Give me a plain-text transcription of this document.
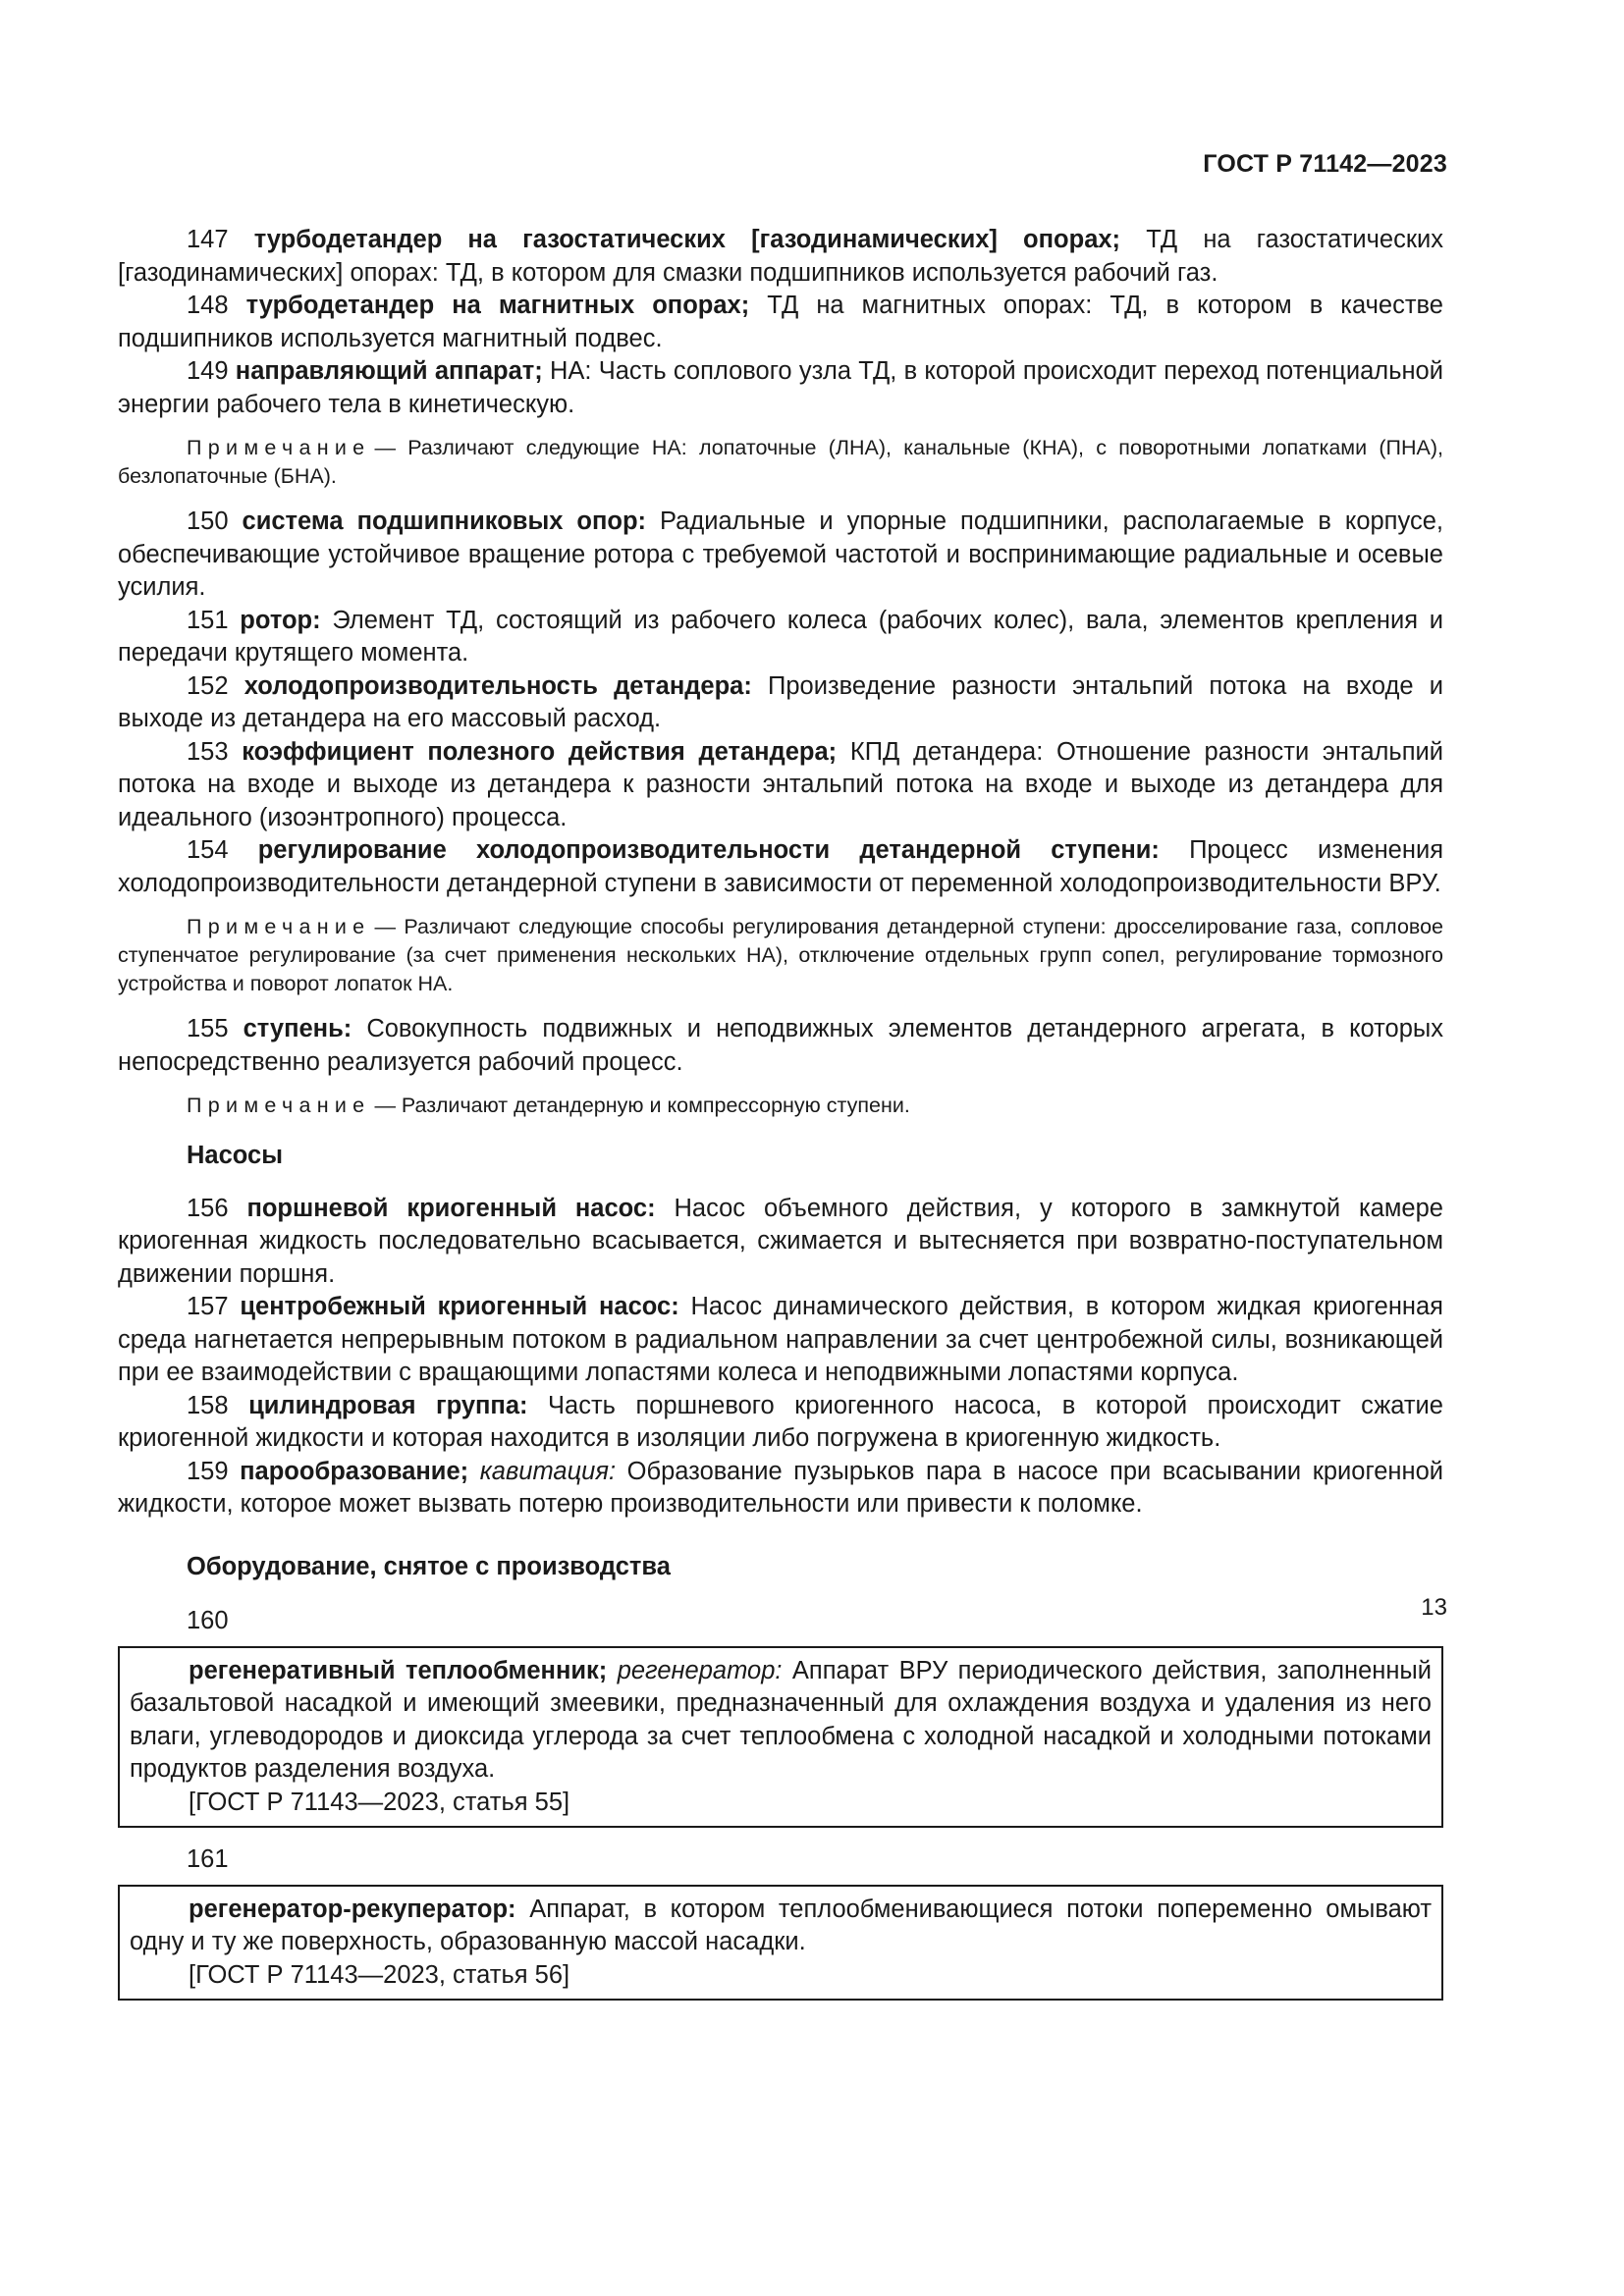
ГОСТ Р 71142—2023

147 турбодетандер на газостатических [газодинамических] опорах; ТД на газостатических [газодинамических] опорах: ТД, в котором для смазки подшипников используется рабочий газ.

148 турбодетандер на магнитных опорах; ТД на магнитных опорах: ТД, в котором в качестве подшипников используется магнитный подвес.

149 направляющий аппарат; НА: Часть соплового узла ТД, в которой происходит переход потенциальной энергии рабочего тела в кинетическую.

Примечание — Различают следующие НА: лопаточные (ЛНА), канальные (КНА), с поворотными лопатками (ПНА), безлопаточные (БНА).

150 система подшипниковых опор: Радиальные и упорные подшипники, располагаемые в корпусе, обеспечивающие устойчивое вращение ротора с требуемой частотой и воспринимающие радиальные и осевые усилия.

151 ротор: Элемент ТД, состоящий из рабочего колеса (рабочих колес), вала, элементов крепления и передачи крутящего момента.

152 холодопроизводительность детандера: Произведение разности энтальпий потока на входе и выходе из детандера на его массовый расход.

153 коэффициент полезного действия детандера; КПД детандера: Отношение разности энтальпий потока на входе и выходе из детандера к разности энтальпий потока на входе и выходе из детандера для идеального (изоэнтропного) процесса.

154 регулирование холодопроизводительности детандерной ступени: Процесс изменения холодопроизводительности детандерной ступени в зависимости от переменной холодопроизводительности ВРУ.

Примечание — Различают следующие способы регулирования детандерной ступени: дросселирование газа, сопловое ступенчатое регулирование (за счет применения нескольких НА), отключение отдельных групп сопел, регулирование тормозного устройства и поворот лопаток НА.

155 ступень: Совокупность подвижных и неподвижных элементов детандерного агрегата, в которых непосредственно реализуется рабочий процесс.

Примечание — Различают детандерную и компрессорную ступени.

Насосы

156 поршневой криогенный насос: Насос объемного действия, у которого в замкнутой камере криогенная жидкость последовательно всасывается, сжимается и вытесняется при возвратно-поступательном движении поршня.

157 центробежный криогенный насос: Насос динамического действия, в котором жидкая криогенная среда нагнетается непрерывным потоком в радиальном направлении за счет центробежной силы, возникающей при ее взаимодействии с вращающими лопастями колеса и неподвижными лопастями корпуса.

158 цилиндровая группа: Часть поршневого криогенного насоса, в которой происходит сжатие криогенной жидкости и которая находится в изоляции либо погружена в криогенную жидкость.

159 парообразование; кавитация: Образование пузырьков пара в насосе при всасывании криогенной жидкости, которое может вызвать потерю производительности или привести к поломке.

Оборудование, снятое с производства

160

регенеративный теплообменник; регенератор: Аппарат ВРУ периодического действия, заполненный базальтовой насадкой и имеющий змеевики, предназначенный для охлаждения воздуха и удаления из него влаги, углеводородов и диоксида углерода за счет теплообмена с холодной насадкой и холодными потоками продуктов разделения воздуха.

[ГОСТ Р 71143—2023, статья 55]

161

регенератор-рекуператор: Аппарат, в котором теплообменивающиеся потоки попеременно омывают одну и ту же поверхность, образованную массой насадки.

[ГОСТ Р 71143—2023, статья 56]

13
